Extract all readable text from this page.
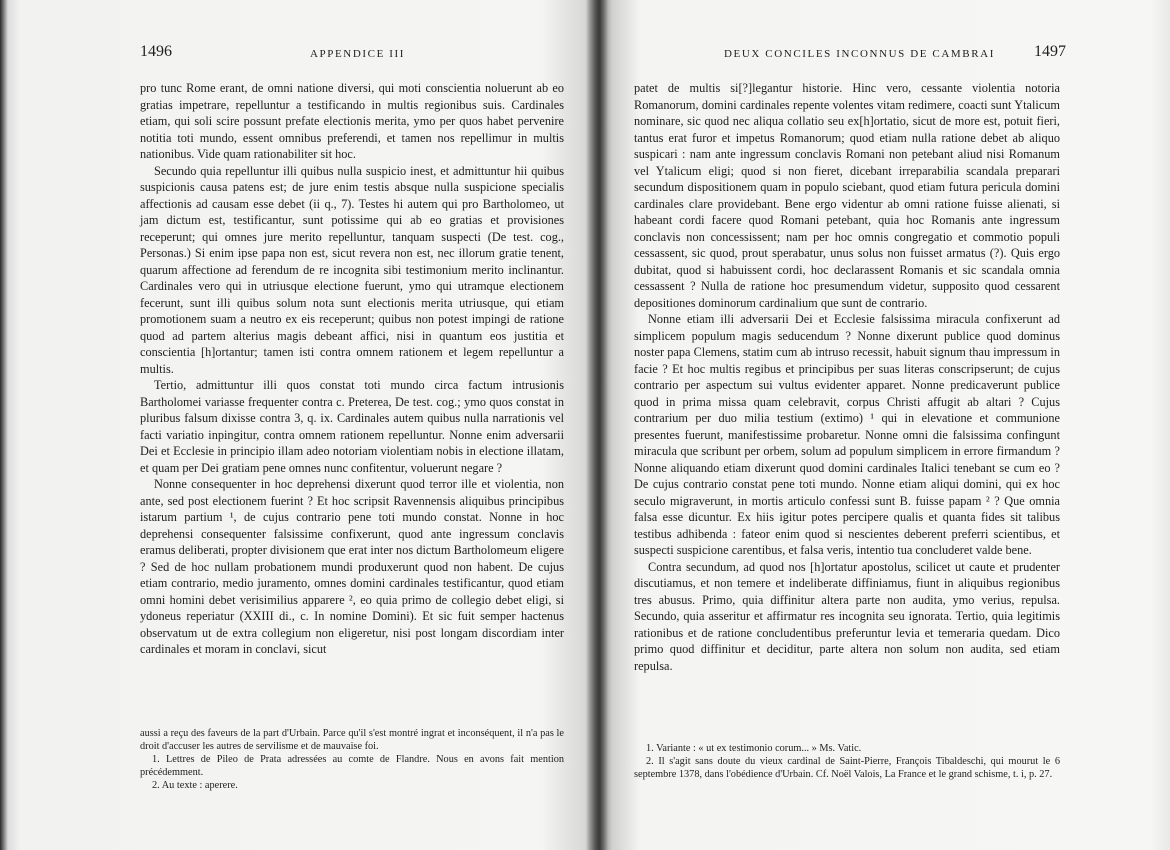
1496	APPENDICE III

pro tunc Rome erant, de omni natione diversi, qui moti conscientia noluerunt ab eo gratias impetrare, repelluntur a testificando in multis regionibus suis. Cardinales etiam, qui soli scire possunt prefate electionis merita, ymo per quos habet pervenire notitia toti mundo, essent omnibus preferendi, et tamen nos repellimur in multis nationibus. Vide quam rationabiliter sit hoc.

Secundo quia repelluntur illi quibus nulla suspicio inest, et admittuntur hii quibus suspicionis causa patens est; de jure enim testis absque nulla suspicione specialis affectionis ad causam esse debet (ii q., 7). Testes hi autem qui pro Bartholomeo, ut jam dictum est, testificantur, sunt potissime qui ab eo gratias et provisiones receperunt; qui omnes jure merito repelluntur, tanquam suspecti (De test. cog., Personas.) Si enim ipse papa non est, sicut revera non est, nec illorum gratie tenent, quarum affectione ad ferendum de re incognita sibi testimonium merito inclinantur. Cardinales vero qui in utriusque electione fuerunt, ymo qui utramque electionem fecerunt, sunt illi quibus solum nota sunt electionis merita utriusque, qui etiam promotionem suam a neutro ex eis receperunt; quibus non potest impingi de ratione quod ad partem alterius magis debeant affici, nisi in quantum eos justitia et conscientia [h]ortantur; tamen isti contra omnem rationem et legem repelluntur a multis.

Tertio, admittuntur illi quos constat toti mundo circa factum intrusionis Bartholomei variasse frequenter contra c. Preterea, De test. cog.; ymo quos constat in pluribus falsum dixisse contra 3, q. ix. Cardinales autem quibus nulla narrationis vel facti variatio inpingitur, contra omnem rationem repelluntur. Nonne enim adversarii Dei et Ecclesie in principio illam adeo notoriam violentiam nobis in electione illatam, et quam per Dei gratiam pene omnes nunc confitentur, voluerunt negare ?

Nonne consequenter in hoc deprehensi dixerunt quod terror ille et violentia, non ante, sed post electionem fuerint ? Et hoc scripsit Ravennensis aliquibus principibus istarum partium ¹, de cujus contrario pene toti mundo constat. Nonne in hoc deprehensi consequenter falsissime confixerunt, quod ante ingressum conclavis eramus deliberati, propter divisionem que erat inter nos dictum Bartholomeum eligere ? Sed de hoc nullam probationem mundi produxerunt quod non habent. De cujus etiam contrario, medio juramento, omnes domini cardinales testificantur, quod etiam omni homini debet verisimilius apparere ², eo quia primo de collegio debet eligi, si ydoneus reperiatur (XXIII di., c. In nomine Domini). Et sic fuit semper hactenus observatum ut de extra collegium non eligeretur, nisi post longam discordiam inter cardinales et moram in conclavi, sicut

aussi a reçu des faveurs de la part d'Urbain. Parce qu'il s'est montré ingrat et inconséquent, il n'a pas le droit d'accuser les autres de servilisme et de mauvaise foi.

1. Lettres de Pileo de Prata adressées au comte de Flandre. Nous en avons fait mention précédemment.

2. Au texte : aperere.

DEUX CONCILES INCONNUS DE CAMBRAI 1497

patet de multis si[?]legantur historie. Hinc vero, cessante violentia notoria Romanorum, domini cardinales repente volentes vitam redimere, coacti sunt Ytalicum nominare, sic quod nec aliqua collatio seu ex[h]ortatio, sicut de more est, potuit fieri, tantus erat furor et impetus Romanorum; quod etiam nulla ratione debet ab aliquo suspicari : nam ante ingressum conclavis Romani non petebant aliud nisi Romanum vel Ytalicum eligi; quod si non fieret, dicebant irreparabilia scandala preparari secundum dispositionem quam in populo sciebant, quod etiam futura pericula domini cardinales clare providebant. Bene ergo videntur ab omni ratione fuisse alienati, si habeant cordi facere quod Romani petebant, quia hoc Romanis ante ingressum conclavis non concessissent; nam per hoc omnis congregatio et commotio populi cessassent, sic quod, prout sperabatur, unus solus non fuisset armatus (?). Quis ergo dubitat, quod si habuissent cordi, hoc declarassent Romanis et sic scandala omnia cessassent ? Nulla de ratione hoc presumendum videtur, supposito quod cessarent depositiones dominorum cardinalium que sunt de contrario.

Nonne etiam illi adversarii Dei et Ecclesie falsissima miracula confixerunt ad simplicem populum magis seducendum ? Nonne dixerunt publice quod dominus noster papa Clemens, statim cum ab intruso recessit, habuit signum thau impressum in facie ? Et hoc multis regibus et principibus per suas literas conscripserunt; de cujus contrario per aspectum sui vultus evidenter apparet. Nonne predicaverunt publice quod in prima missa quam celebravit, corpus Christi affugit ab altari ? Cujus contrarium per duo milia testium (extimo) ¹ qui in elevatione et communione presentes fuerunt, manifestissime probaretur. Nonne omni die falsissima confingunt miracula que scribunt per orbem, solum ad populum simplicem in errore firmandum ? Nonne aliquando etiam dixerunt quod domini cardinales Italici tenebant se cum eo ? De cujus contrario constat pene toti mundo. Nonne etiam aliqui domini, qui ex hoc seculo migraverunt, in mortis articulo confessi sunt B. fuisse papam ² ? Que omnia falsa esse dicuntur. Ex hiis igitur potes percipere qualis et quanta fides sit talibus testibus adhibenda : fateor enim quod si nescientes deberent preferri scientibus, et suspecti suspicione carentibus, et falsa veris, intentio tua concluderet valde bene.

Contra secundum, ad quod nos [h]ortatur apostolus, scilicet ut caute et prudenter discutiamus, et non temere et indeliberate diffiniamus, fiunt in aliquibus regionibus tres abusus. Primo, quia diffinitur altera parte non audita, ymo verius, repulsa. Secundo, quia asseritur et affirmatur res incognita seu ignorata. Tertio, quia legitimis rationibus et de ratione concludentibus preferuntur levia et temeraria quedam. Dico primo quod diffinitur et deciditur, parte altera non solum non audita, sed etiam repulsa.

1. Variante : « ut ex testimonio corum... » Ms. Vatic.

2. Il s'agit sans doute du vieux cardinal de Saint-Pierre, François Tibaldeschi, qui mourut le 6 septembre 1378, dans l'obédience d'Urbain. Cf. Noël Valois, La France et le grand schisme, t. i, p. 27.
